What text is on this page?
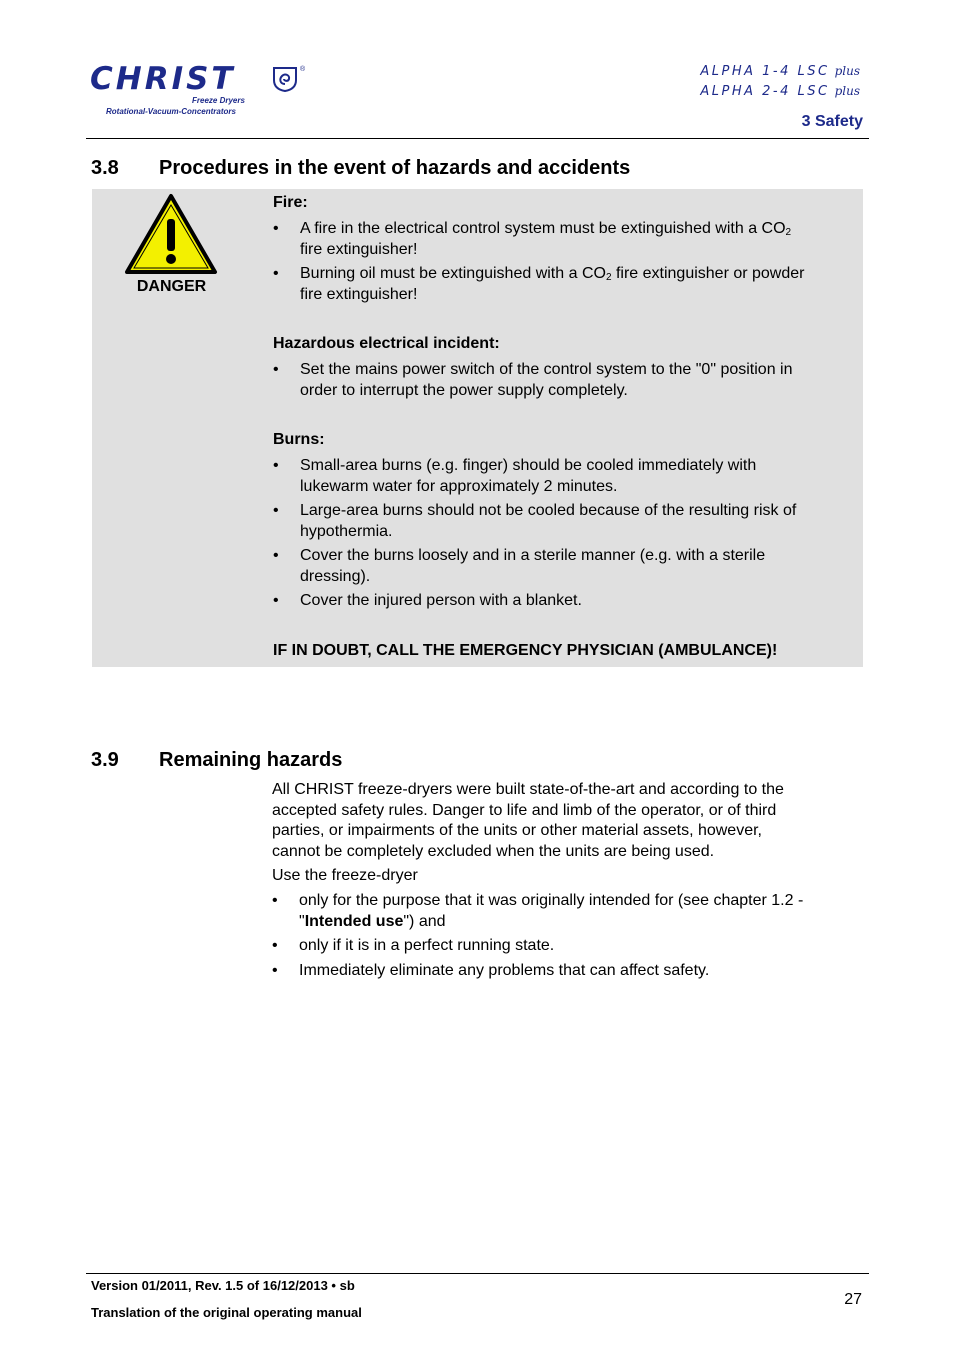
CHRIST	®
Freeze Dryers
Rotational-Vacuum-Concentrators
ALPHA 1-4 LSC plus
ALPHA 2-4 LSC plus
3 Safety
3.8 Procedures in the event of hazards and accidents
DANGER
Fire:
• A fire in the electrical control system must be extinguished with a $CO_2$
fire extinguisher!
• Burning oil must be extinguished with a $CO_2$ fire extinguisher or powder
fire extinguisher!
Hazardous electrical incident:
• Set the mains power switch of the control system to the "0" position in
order to interrupt the power supply completely.
Burns:
• Small-area burns (e.g. finger) should be cooled immediately with
lukewarm water for approximately 2 minutes.
• Large-area burns should not be cooled because of the resulting risk of
hypothermia.
• Cover the burns loosely and in a sterile manner (e.g. with a sterile
dressing).
• Cover the injured person with a blanket.
IF IN DOUBT, CALL THE EMERGENCY PHYSICIAN (AMBULANCE)!
3.9 Remaining hazards
All CHRIST freeze-dryers were built state-of-the-art and according to the
accepted safety rules. Danger to life and limb of the operator, or of third
parties, or impairments of the units or other material assets, however,
cannot be completely excluded when the units are being used.
Use the freeze-dryer
• only for the purpose that it was originally intended for (see chapter 1.2 -
"Intended use") and
• only if it is in a perfect running state.
• Immediately eliminate any problems that can affect safety.
Version 01/2011, Rev. 1.5 of 16/12/2013 • sb
Translation of the original operating manual
27
